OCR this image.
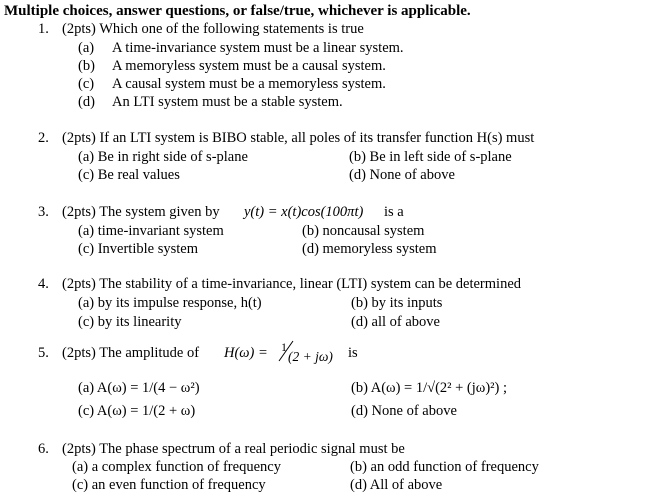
Multiple choices, answer questions, or false/true, whichever is applicable.
1. (2pts) Which one of the following statements is true
(a) A time-invariance system must be a linear system.
(b) A memoryless system must be a causal system.
(c) A causal system must be a memoryless system.
(d) An LTI system must be a stable system.
2. (2pts) If an LTI system is BIBO stable, all poles of its transfer function H(s) must
(a) Be in right side of s-plane	(b) Be in left side of s-plane
(c) Be real values	(d) None of above
3. (2pts) The system given by y(t) = x(t)cos(100πt) is a
(a) time-invariant system	(b) noncausal system
(c) Invertible system	(d) memoryless system
4. (2pts) The stability of a time-invariance, linear (LTI) system can be determined
(a) by its impulse response, h(t)	(b) by its inputs
(c) by its linearity	(d) all of above
5. (2pts) The amplitude of H(ω) = 1
(2 + jω) is
(a) A(ω) = 1/(4 − ω²)	(b) A(ω) = 1/√(2² + (jω)²) ;
(c) A(ω) = 1/(2 + ω)	(d) None of above
6. (2pts) The phase spectrum of a real periodic signal must be
(a) a complex function of frequency	(b) an odd function of frequency
(c) an even function of frequency	(d) All of above
